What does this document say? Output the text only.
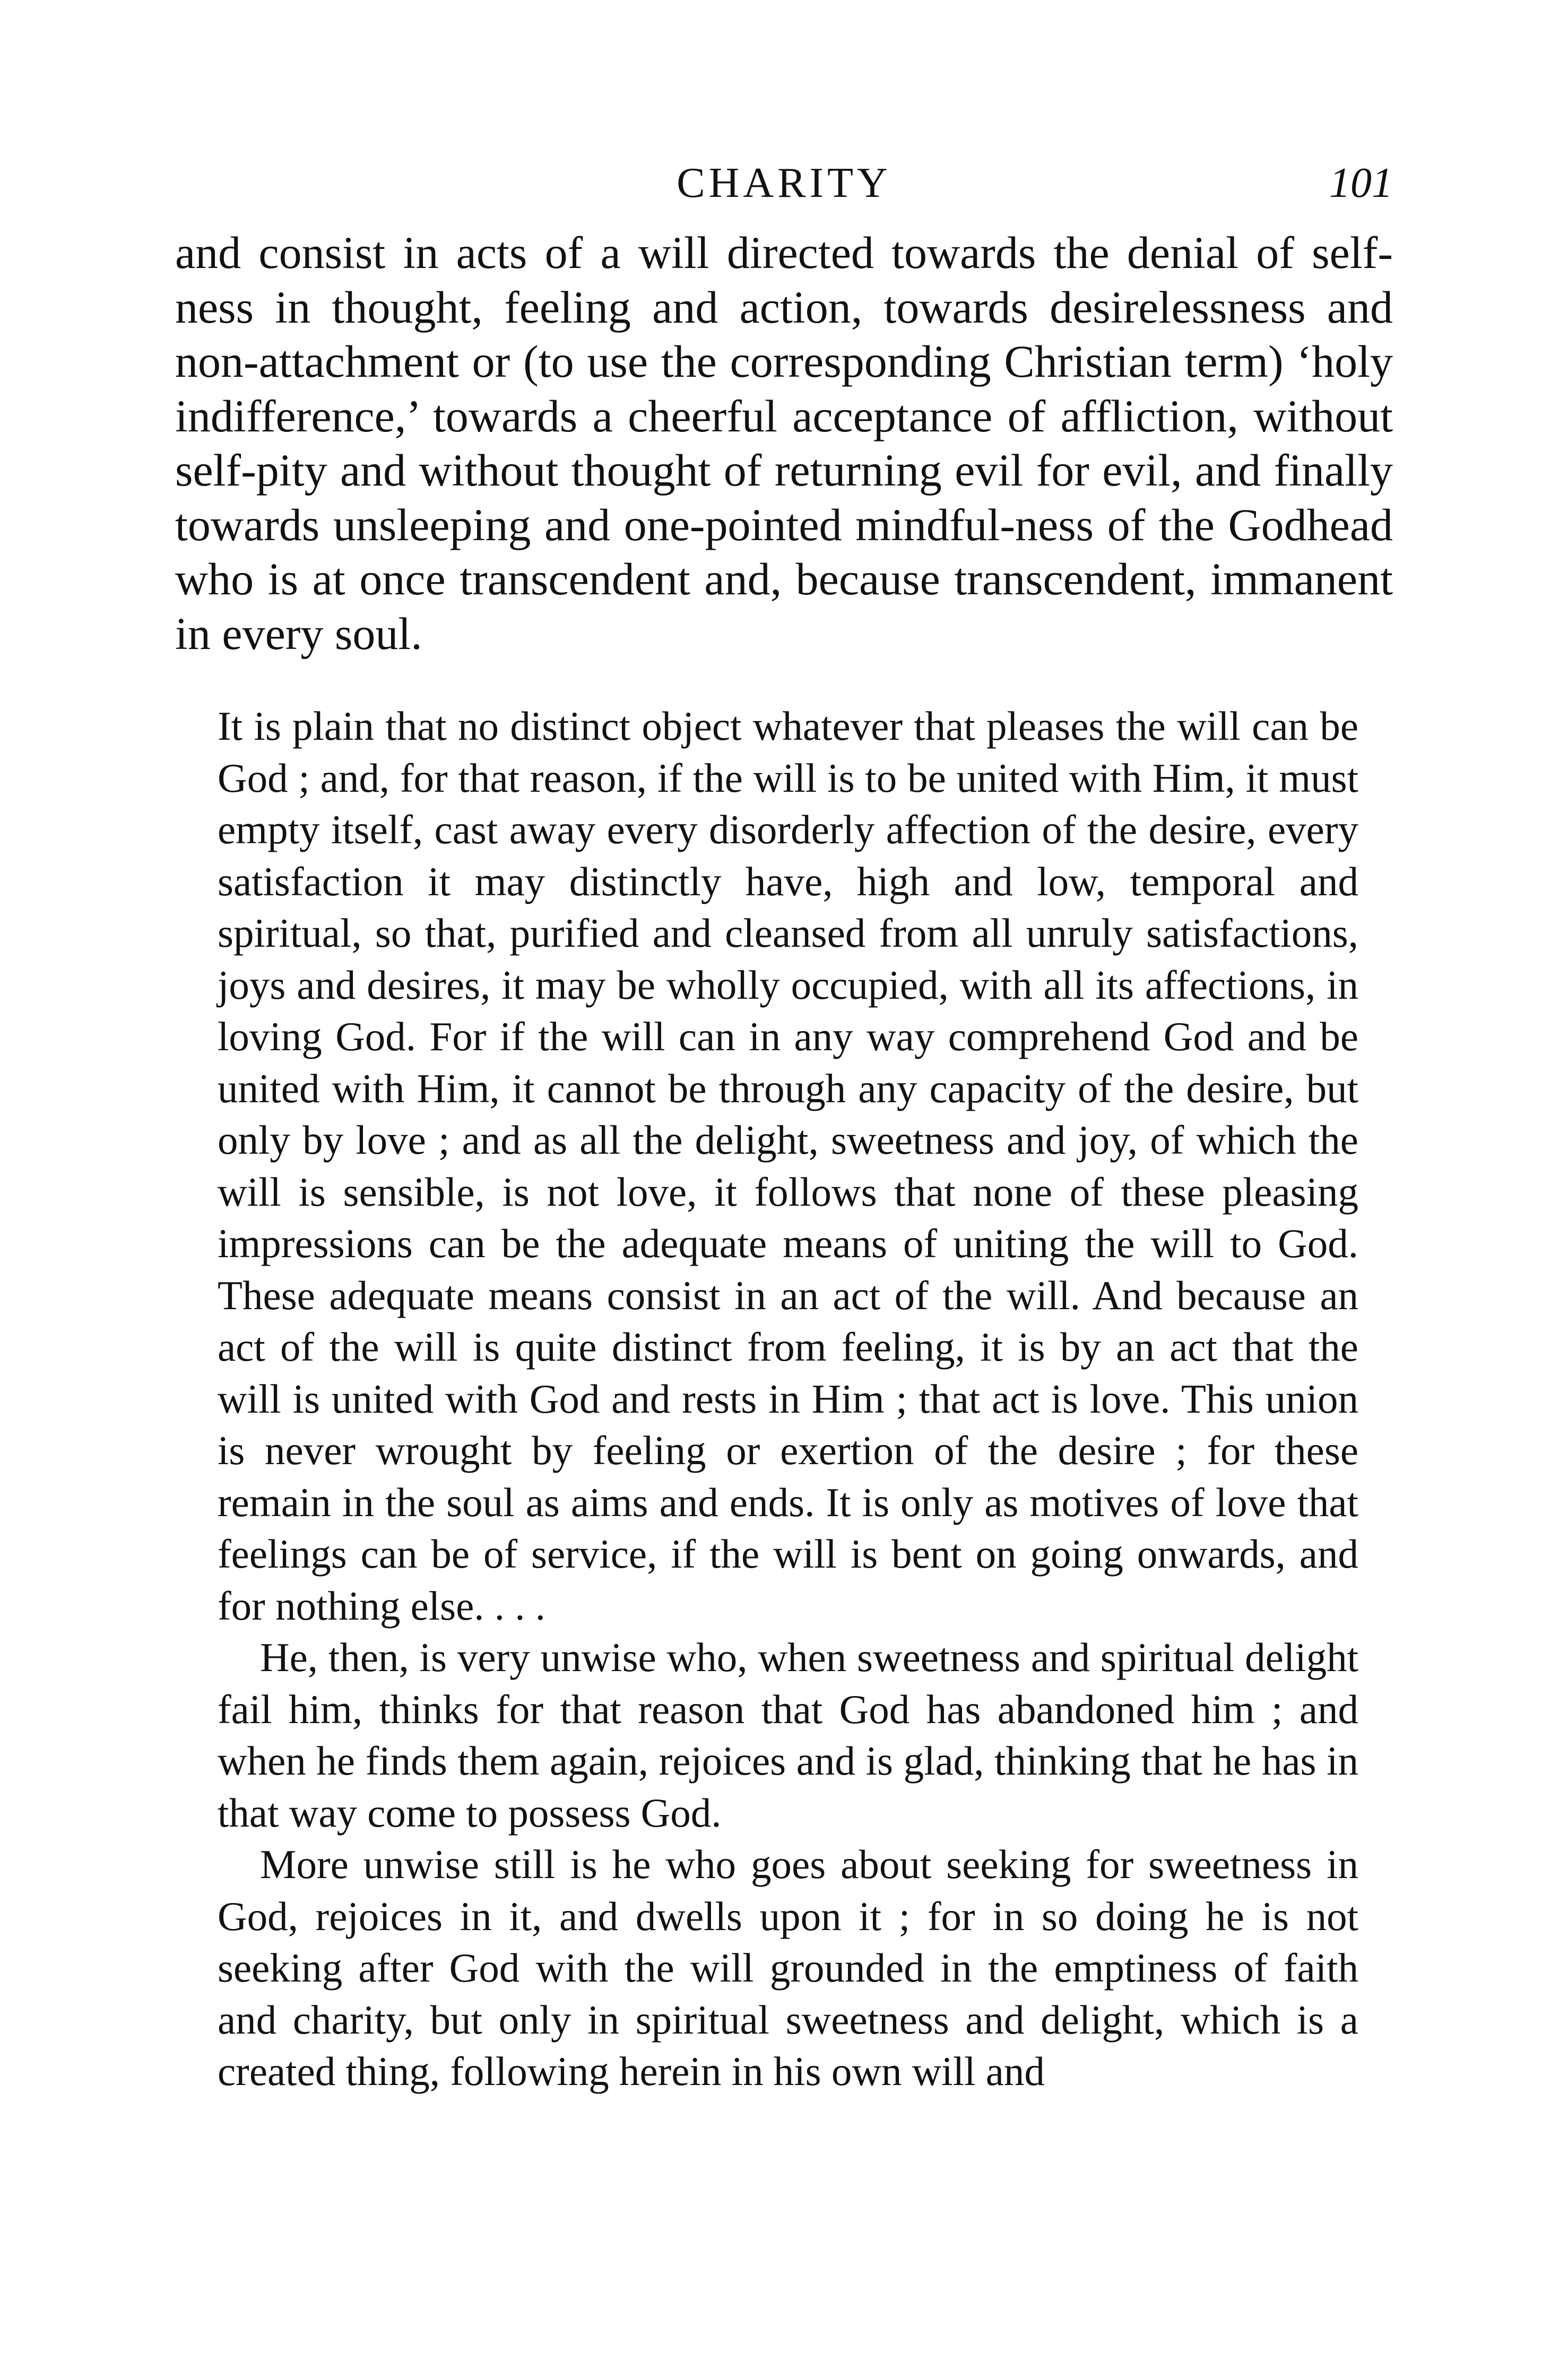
CHARITY	101

and consist in acts of a will directed towards the denial of self-ness in thought, feeling and action, towards desirelessness and non-attachment or (to use the corresponding Christian term) ‘holy indifference,’ towards a cheerful acceptance of affliction, without self-pity and without thought of returning evil for evil, and finally towards unsleeping and one-pointed mindful-ness of the Godhead who is at once transcendent and, because transcendent, immanent in every soul.

It is plain that no distinct object whatever that pleases the will can be God ; and, for that reason, if the will is to be united with Him, it must empty itself, cast away every disorderly affection of the desire, every satisfaction it may distinctly have, high and low, temporal and spiritual, so that, purified and cleansed from all unruly satisfactions, joys and desires, it may be wholly occupied, with all its affections, in loving God. For if the will can in any way comprehend God and be united with Him, it cannot be through any capacity of the desire, but only by love ; and as all the delight, sweetness and joy, of which the will is sensible, is not love, it follows that none of these pleasing impressions can be the adequate means of uniting the will to God. These adequate means consist in an act of the will. And because an act of the will is quite distinct from feeling, it is by an act that the will is united with God and rests in Him ; that act is love. This union is never wrought by feeling or exertion of the desire ; for these remain in the soul as aims and ends. It is only as motives of love that feelings can be of service, if the will is bent on going onwards, and for nothing else. . . .

He, then, is very unwise who, when sweetness and spiritual delight fail him, thinks for that reason that God has abandoned him ; and when he finds them again, rejoices and is glad, thinking that he has in that way come to possess God.

More unwise still is he who goes about seeking for sweetness in God, rejoices in it, and dwells upon it ; for in so doing he is not seeking after God with the will grounded in the emptiness of faith and charity, but only in spiritual sweetness and delight, which is a created thing, following herein in his own will and
